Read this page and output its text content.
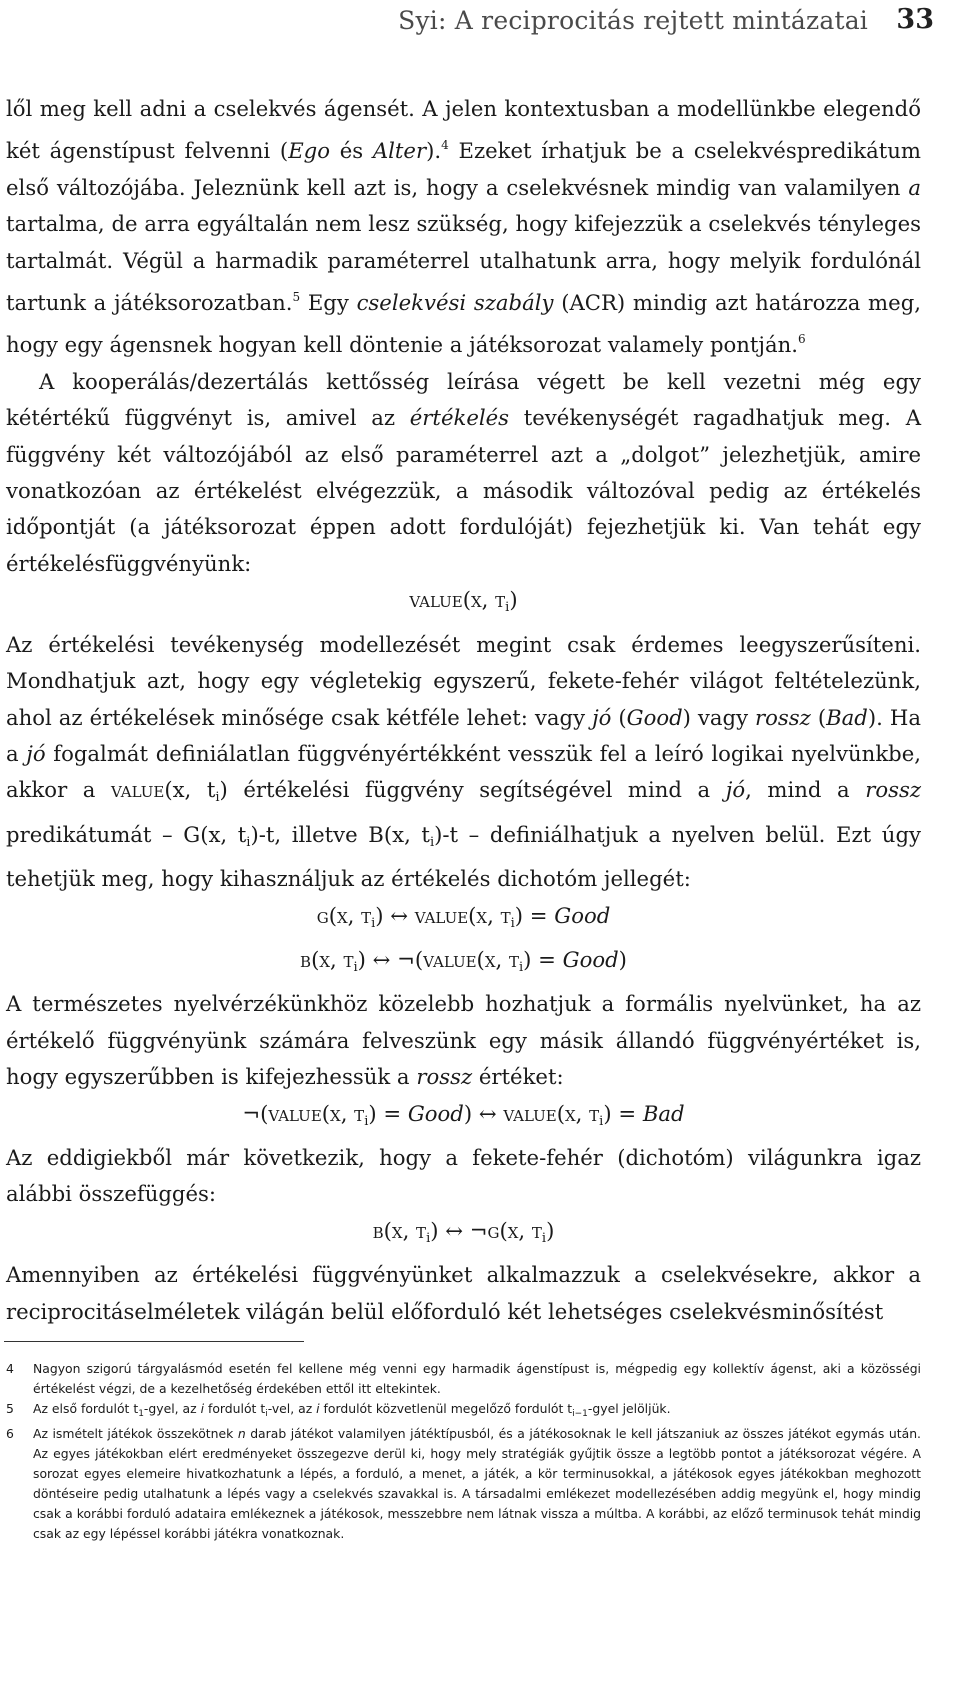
Syi: A reciprocitás rejtett mintázatai 33

lől meg kell adni a cselekvés ágensét. A jelen kontextusban a modellünkbe elegendő két ágenstípust felvenni (Ego és Alter).$^4$ Ezeket írhatjuk be a cselekvéspredikátum első változójába. Jeleznünk kell azt is, hogy a cselekvésnek mindig van valamilyen a tartalma, de arra egyáltalán nem lesz szükség, hogy kifejezzük a cselekvés tényleges tartalmát. Végül a harmadik paraméterrel utalhatunk arra, hogy melyik fordulónál tartunk a játéksorozatban.$^5$ Egy cselekvési szabály (ACR) mindig azt határozza meg, hogy egy ágensnek hogyan kell döntenie a játéksorozat valamely pontján.$^6$

A kooperálás/dezertálás kettősség leírása végett be kell vezetni még egy kétértékű függvényt is, amivel az értékelés tevékenységét ragadhatjuk meg. A függvény két változójából az első paraméterrel azt a „dolgot” jelezhetjük, amire vonatkozóan az értékelést elvégezzük, a második változóval pedig az értékelés időpontját (a játéksorozat éppen adott fordulóját) fejezhetjük ki. Van tehát egy értékelésfüggvényünk:

value(x, $t_i$)

Az értékelési tevékenység modellezését megint csak érdemes leegyszerűsíteni. Mondhatjuk azt, hogy egy végletekig egyszerű, fekete-fehér világot feltételezünk, ahol az értékelések minősége csak kétféle lehet: vagy jó (Good) vagy rossz (Bad). Ha a jó fogalmát definiálatlan függvényértékként vesszük fel a leíró logikai nyelvünkbe, akkor a value(x, $t_i$) értékelési függvény segítségével mind a jó, mind a rossz predikátumát – G(x, $t_i)-t$, illetve B(x, $t_i)-t$ – definiálhatjuk a nyelven belül. Ezt úgy tehetjük meg, hogy kihasználjuk az értékelés dichotóm jellegét:

g(x, $t_i$) ↔ value(x, $t_i$) = Good

b(x, $t_i$) ↔ ¬(value(x, $t_i$) = Good)

A természetes nyelvérzékünkhöz közelebb hozhatjuk a formális nyelvünket, ha az értékelő függvényünk számára felveszünk egy másik állandó függvényértéket is, hogy egyszerűbben is kifejezhessük a rossz értéket:

¬(value(x, $t_i$) = Good) ↔ value(x, $t_i$) = Bad

Az eddigiekből már következik, hogy a fekete-fehér (dichotóm) világunkra igaz alábbi összefüggés:

b(x, $t_i$) ↔ ¬g(x, $t_i$)

Amennyiben az értékelési függvényünket alkalmazzuk a cselekvésekre, akkor a reciprocitáselméletek világán belül előforduló két lehetséges cselekvésminősítést

4	Nagyon szigorú tárgyalásmód esetén fel kellene még venni egy harmadik ágenstípust is, mégpedig egy kollektív ágenst, aki a közösségi értékelést végzi, de a kezelhetőség érdekében ettől itt eltekintek.

5	Az első fordulót $t_1$-gyel, az i fordulót $t_i$-vel, az i fordulót közvetlenül megelőző fordulót $t_{i-1}$-gyel jelöljük.

6	Az ismételt játékok összekötnek n darab játékot valamilyen játéktípusból, és a játékosoknak le kell játszaniuk az összes játékot egymás után. Az egyes játékokban elért eredményeket összegezve derül ki, hogy mely stratégiák gyűjtik össze a legtöbb pontot a játéksorozat végére. A sorozat egyes elemeire hivatkozhatunk a lépés, a forduló, a menet, a játék, a kör terminusokkal, a játékosok egyes játékokban meghozott döntéseire pedig utalhatunk a lépés vagy a cselekvés szavakkal is. A társadalmi emlékezet modellezésében addig megyünk el, hogy mindig csak a korábbi forduló adataira emlékeznek a játékosok, messzebbre nem látnak vissza a múltba. A korábbi, az előző terminusok tehát mindig csak az egy lépéssel korábbi játékra vonatkoznak.
